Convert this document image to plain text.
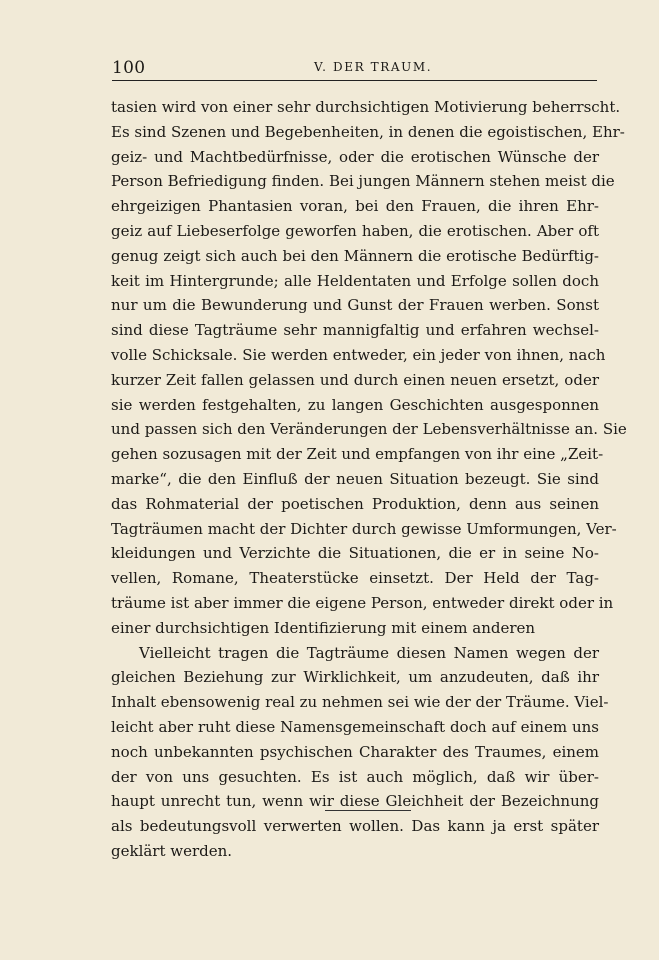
100	V. DER TRAUM.
tasien wird von einer sehr durchsichtigen Motivierung beherrscht.
Es sind Szenen und Begebenheiten, in denen die egoistischen, Ehr-
geiz- und Machtbedürfnisse, oder die erotischen Wünsche der
Person Befriedigung finden. Bei jungen Männern stehen meist die
ehrgeizigen Phantasien voran, bei den Frauen, die ihren Ehr-
geiz auf Liebeserfolge geworfen haben, die erotischen. Aber oft
genug zeigt sich auch bei den Männern die erotische Bedürftig-
keit im Hintergrunde; alle Heldentaten und Erfolge sollen doch
nur um die Bewunderung und Gunst der Frauen werben. Sonst
sind diese Tagträume sehr mannigfaltig und erfahren wechsel-
volle Schicksale. Sie werden entweder, ein jeder von ihnen, nach
kurzer Zeit fallen gelassen und durch einen neuen ersetzt, oder
sie werden festgehalten, zu langen Geschichten ausgesponnen
und passen sich den Veränderungen der Lebensverhältnisse an. Sie
gehen sozusagen mit der Zeit und empfangen von ihr eine „Zeit-
marke“, die den Einfluß der neuen Situation bezeugt. Sie sind
das Rohmaterial der poetischen Produktion, denn aus seinen
Tagträumen macht der Dichter durch gewisse Umformungen, Ver-
kleidungen und Verzichte die Situationen, die er in seine No-
vellen, Romane, Theaterstücke einsetzt. Der Held der Tag-
träume ist aber immer die eigene Person, entweder direkt oder in
einer durchsichtigen Identifizierung mit einem anderen
Vielleicht tragen die Tagträume diesen Namen wegen der
gleichen Beziehung zur Wirklichkeit, um anzudeuten, daß ihr
Inhalt ebensowenig real zu nehmen sei wie der der Träume. Viel-
leicht aber ruht diese Namensgemeinschaft doch auf einem uns
noch unbekannten psychischen Charakter des Traumes, einem
der von uns gesuchten. Es ist auch möglich, daß wir über-
haupt unrecht tun, wenn wir diese Gleichheit der Bezeichnung
als bedeutungsvoll verwerten wollen. Das kann ja erst später
geklärt werden.
